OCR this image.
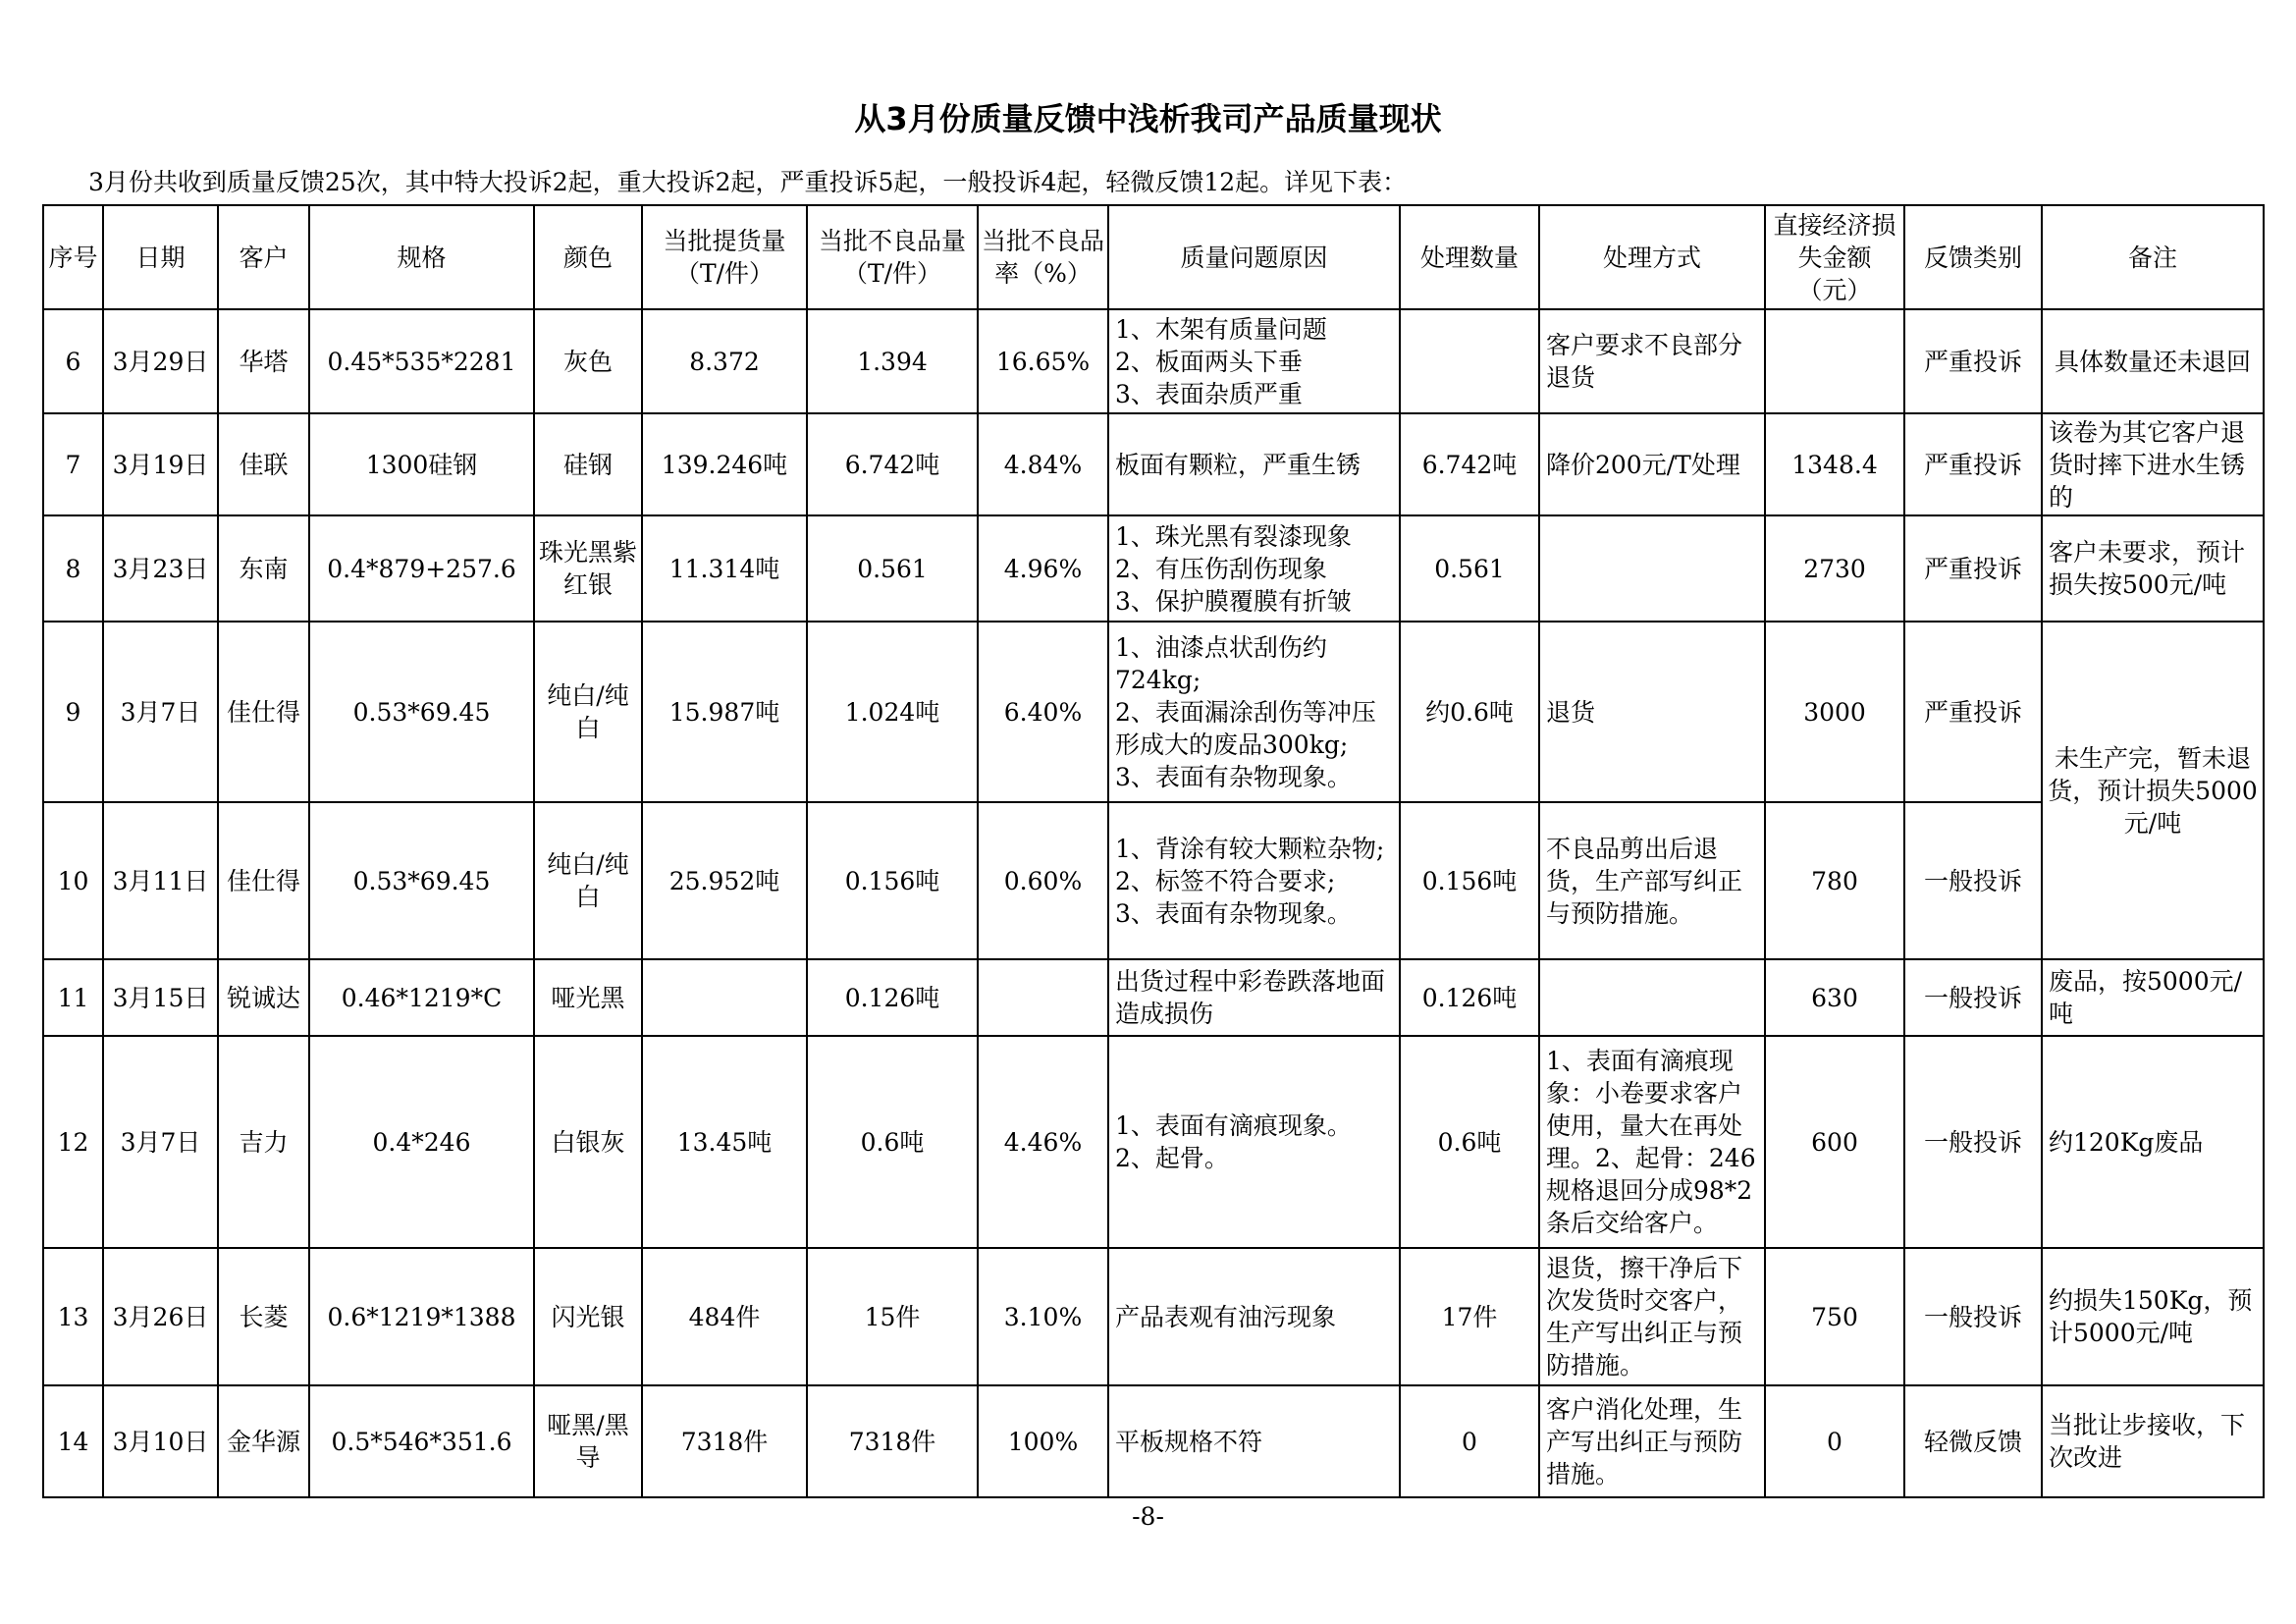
从3月份质量反馈中浅析我司产品质量现状
3月份共收到质量反馈25次，其中特大投诉2起，重大投诉2起，严重投诉5起，一般投诉4起，轻微反馈12起。详见下表：
序号	日期	客户	规格	颜色	当批提货量（T/件）	当批不良品量（T/件）	当批不良品率（%）	质量问题原因	处理数量	处理方式	直接经济损失金额（元）	反馈类别	备注
6	3月29日	华塔	0.45*535*2281	灰色	8.372	1.394	16.65%	1、木架有质量问题
2、板面两头下垂
3、表面杂质严重		客户要求不良部分退货		严重投诉	具体数量还未退回
7	3月19日	佳联	1300硅钢	硅钢	139.246吨	6.742吨	4.84%	板面有颗粒，严重生锈	6.742吨	降价200元/T处理	1348.4	严重投诉	该卷为其它客户退货时摔下进水生锈的
8	3月23日	东南	0.4*879+257.6	珠光黑紫红银	11.314吨	0.561	4.96%	1、珠光黑有裂漆现象
2、有压伤刮伤现象
3、保护膜覆膜有折皱	0.561		2730	严重投诉	客户未要求，预计损失按500元/吨
9	3月7日	佳仕得	0.53*69.45	纯白/纯白	15.987吨	1.024吨	6.40%	1、油漆点状刮伤约724kg;
2、表面漏涂刮伤等冲压形成大的废品300kg;
3、表面有杂物现象。	约0.6吨	退货	3000	严重投诉	未生产完，暂未退货，预计损失5000元/吨
10	3月11日	佳仕得	0.53*69.45	纯白/纯白	25.952吨	0.156吨	0.60%	1、背涂有较大颗粒杂物;
2、标签不符合要求;
3、表面有杂物现象。	0.156吨	不良品剪出后退货，生产部写纠正与预防措施。	780	一般投诉	
11	3月15日	锐诚达	0.46*1219*C	哑光黑		0.126吨		出货过程中彩卷跌落地面造成损伤	0.126吨		630	一般投诉	废品，按5000元/吨
12	3月7日	吉力	0.4*246	白银灰	13.45吨	0.6吨	4.46%	1、表面有滴痕现象。
2、起骨。	0.6吨	1、表面有滴痕现象：小卷要求客户使用，量大在再处理。2、起骨：246规格退回分成98*2条后交给客户。	600	一般投诉	约120Kg废品
13	3月26日	长菱	0.6*1219*1388	闪光银	484件	15件	3.10%	产品表观有油污现象	17件	退货，擦干净后下次发货时交客户，生产写出纠正与预防措施。	750	一般投诉	约损失150Kg，预计5000元/吨
14	3月10日	金华源	0.5*546*351.6	哑黑/黑导	7318件	7318件	100%	平板规格不符	0	客户消化处理，生产写出纠正与预防措施。	0	轻微反馈	当批让步接收，下次改进
-8-
